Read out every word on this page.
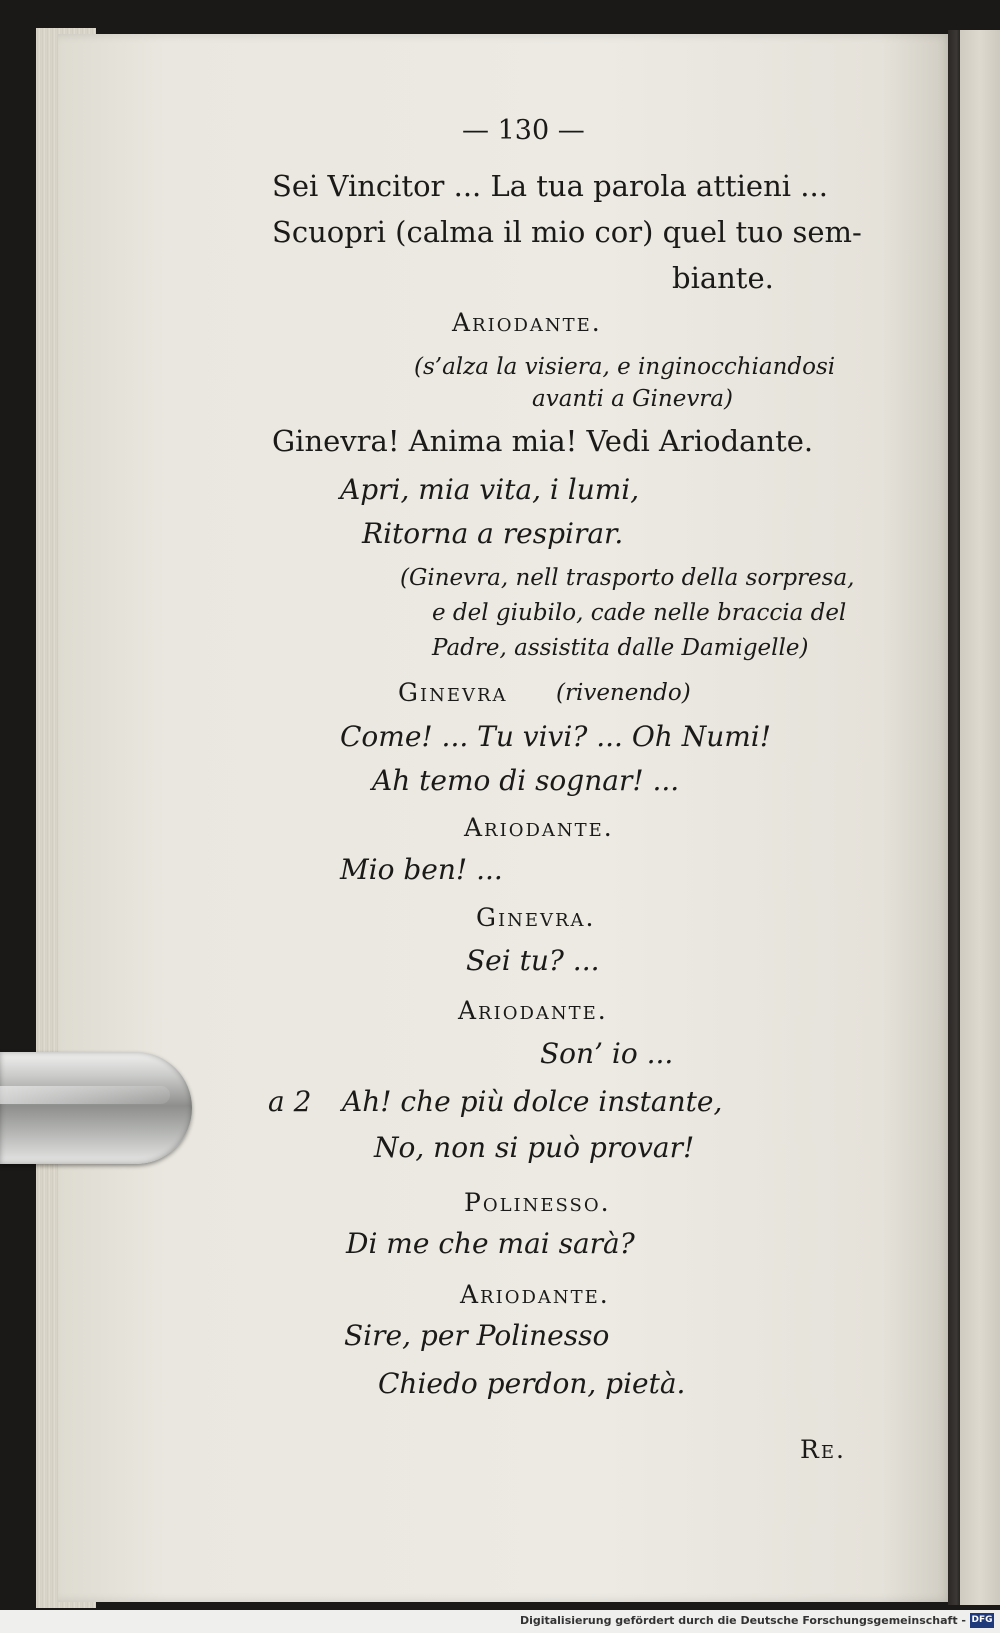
— 130 —
Sei Vincitor ... La tua parola attieni ...
Scuopri (calma il mio cor) quel tuo sem-
biante.
Ariodante.
(s’alza la visiera, e inginocchiandosi
avanti a Ginevra)
Ginevra! Anima mia! Vedi Ariodante.
Apri, mia vita, i lumi,
Ritorna a respirar.
(Ginevra, nell trasporto della sorpresa,
e del giubilo, cade nelle braccia del
Padre, assistita dalle Damigelle)
Ginevra (rivenendo)
Come! ... Tu vivi? ... Oh Numi!
Ah temo di sognar! ...
Ariodante.
Mio ben! ...
Ginevra.
Sei tu? ...
Ariodante.
Son’ io ...
a 2 Ah! che più dolce instante,
No, non si può provar!
Polinesso.
Di me che mai sarà?
Ariodante.
Sire, per Polinesso
Chiedo perdon, pietà.
Re.
Digitalisierung gefördert durch die Deutsche Forschungsgemeinschaft - DFG
